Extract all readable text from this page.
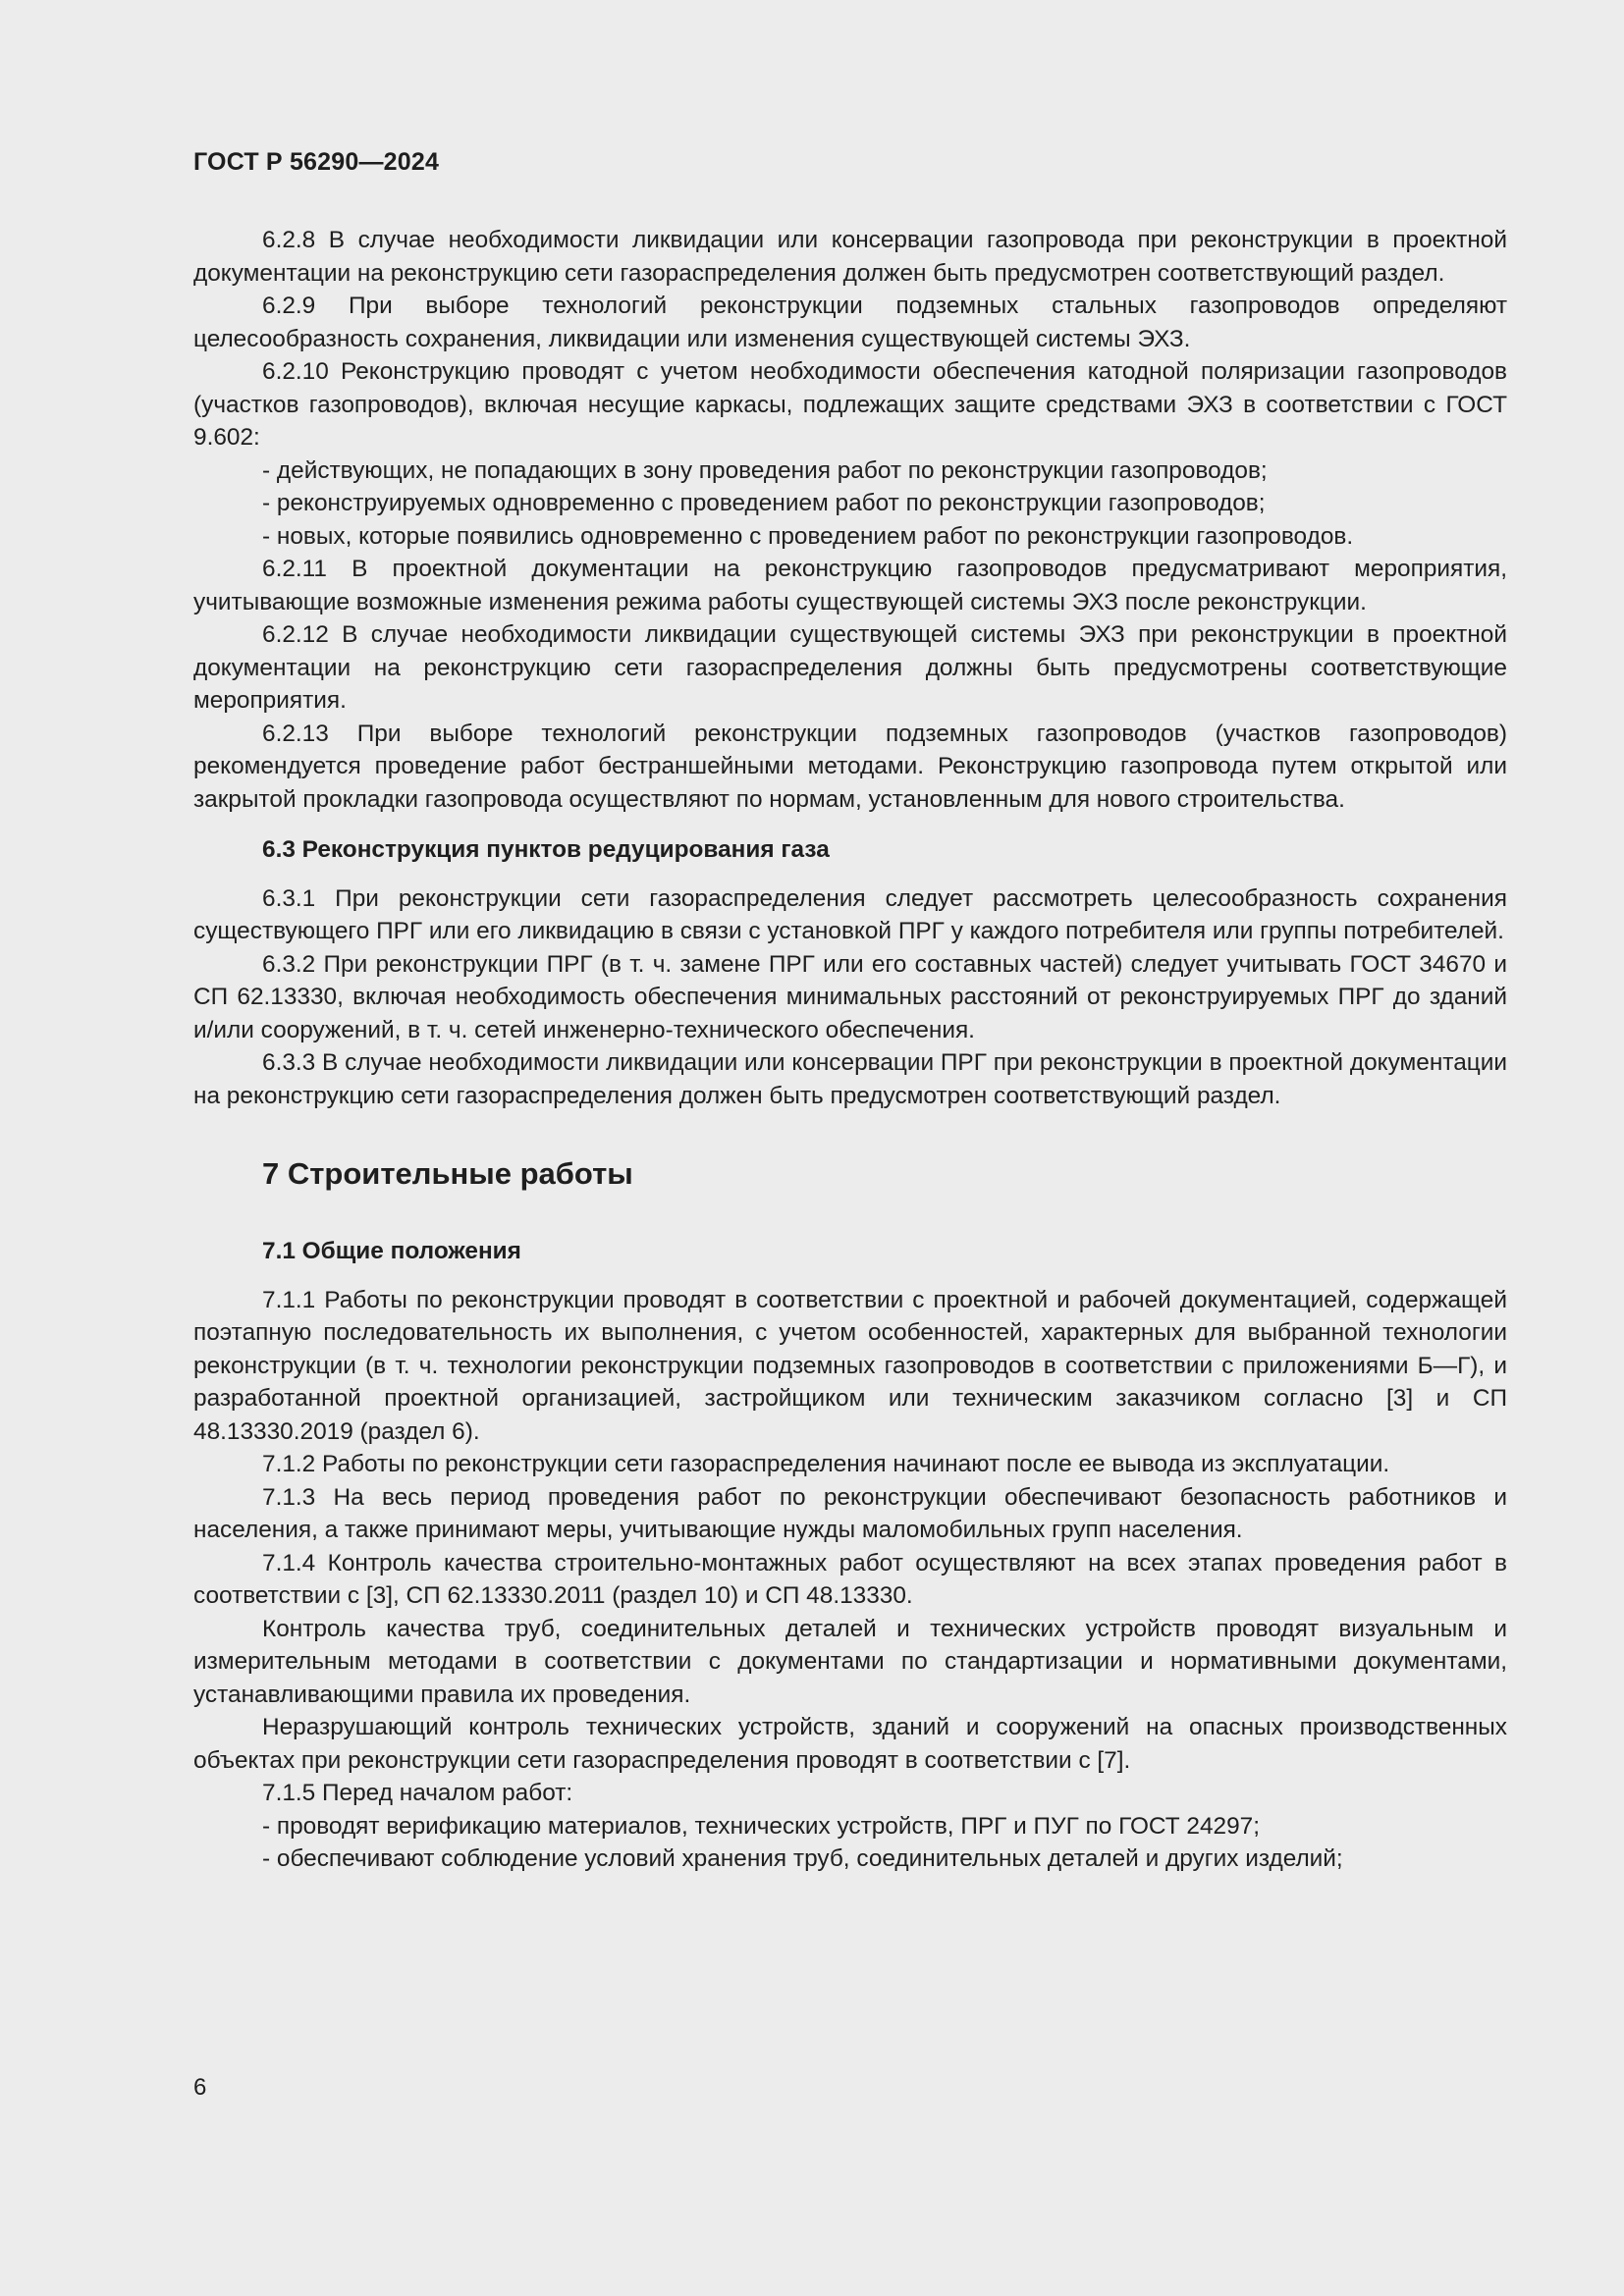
ГОСТ Р 56290—2024

6.2.8 В случае необходимости ликвидации или консервации газопровода при реконструкции в проектной документации на реконструкцию сети газораспределения должен быть предусмотрен соответствующий раздел.

6.2.9 При выборе технологий реконструкции подземных стальных газопроводов определяют целесообразность сохранения, ликвидации или изменения существующей системы ЭХЗ.

6.2.10 Реконструкцию проводят с учетом необходимости обеспечения катодной поляризации газопроводов (участков газопроводов), включая несущие каркасы, подлежащих защите средствами ЭХЗ в соответствии с ГОСТ 9.602:

- действующих, не попадающих в зону проведения работ по реконструкции газопроводов;

- реконструируемых одновременно с проведением работ по реконструкции газопроводов;

- новых, которые появились одновременно с проведением работ по реконструкции газопроводов.

6.2.11 В проектной документации на реконструкцию газопроводов предусматривают мероприятия, учитывающие возможные изменения режима работы существующей системы ЭХЗ после реконструкции.

6.2.12 В случае необходимости ликвидации существующей системы ЭХЗ при реконструкции в проектной документации на реконструкцию сети газораспределения должны быть предусмотрены соответствующие мероприятия.

6.2.13 При выборе технологий реконструкции подземных газопроводов (участков газопроводов) рекомендуется проведение работ бестраншейными методами. Реконструкцию газопровода путем открытой или закрытой прокладки газопровода осуществляют по нормам, установленным для нового строительства.

6.3 Реконструкция пунктов редуцирования газа

6.3.1 При реконструкции сети газораспределения следует рассмотреть целесообразность сохранения существующего ПРГ или его ликвидацию в связи с установкой ПРГ у каждого потребителя или группы потребителей.

6.3.2 При реконструкции ПРГ (в т. ч. замене ПРГ или его составных частей) следует учитывать ГОСТ 34670 и СП 62.13330, включая необходимость обеспечения минимальных расстояний от реконструируемых ПРГ до зданий и/или сооружений, в т. ч. сетей инженерно-технического обеспечения.

6.3.3 В случае необходимости ликвидации или консервации ПРГ при реконструкции в проектной документации на реконструкцию сети газораспределения должен быть предусмотрен соответствующий раздел.

7 Строительные работы
7.1 Общие положения

7.1.1 Работы по реконструкции проводят в соответствии с проектной и рабочей документацией, содержащей поэтапную последовательность их выполнения, с учетом особенностей, характерных для выбранной технологии реконструкции (в т. ч. технологии реконструкции подземных газопроводов в соответствии с приложениями Б—Г), и разработанной проектной организацией, застройщиком или техническим заказчиком согласно [3] и СП 48.13330.2019 (раздел 6).

7.1.2 Работы по реконструкции сети газораспределения начинают после ее вывода из эксплуатации.

7.1.3 На весь период проведения работ по реконструкции обеспечивают безопасность работников и населения, а также принимают меры, учитывающие нужды маломобильных групп населения.

7.1.4 Контроль качества строительно-монтажных работ осуществляют на всех этапах проведения работ в соответствии с [3], СП 62.13330.2011 (раздел 10) и СП 48.13330.

Контроль качества труб, соединительных деталей и технических устройств проводят визуальным и измерительным методами в соответствии с документами по стандартизации и нормативными документами, устанавливающими правила их проведения.

Неразрушающий контроль технических устройств, зданий и сооружений на опасных производственных объектах при реконструкции сети газораспределения проводят в соответствии с [7].

7.1.5 Перед началом работ:

- проводят верификацию материалов, технических устройств, ПРГ и ПУГ по ГОСТ 24297;

- обеспечивают соблюдение условий хранения труб, соединительных деталей и других изделий;

6
